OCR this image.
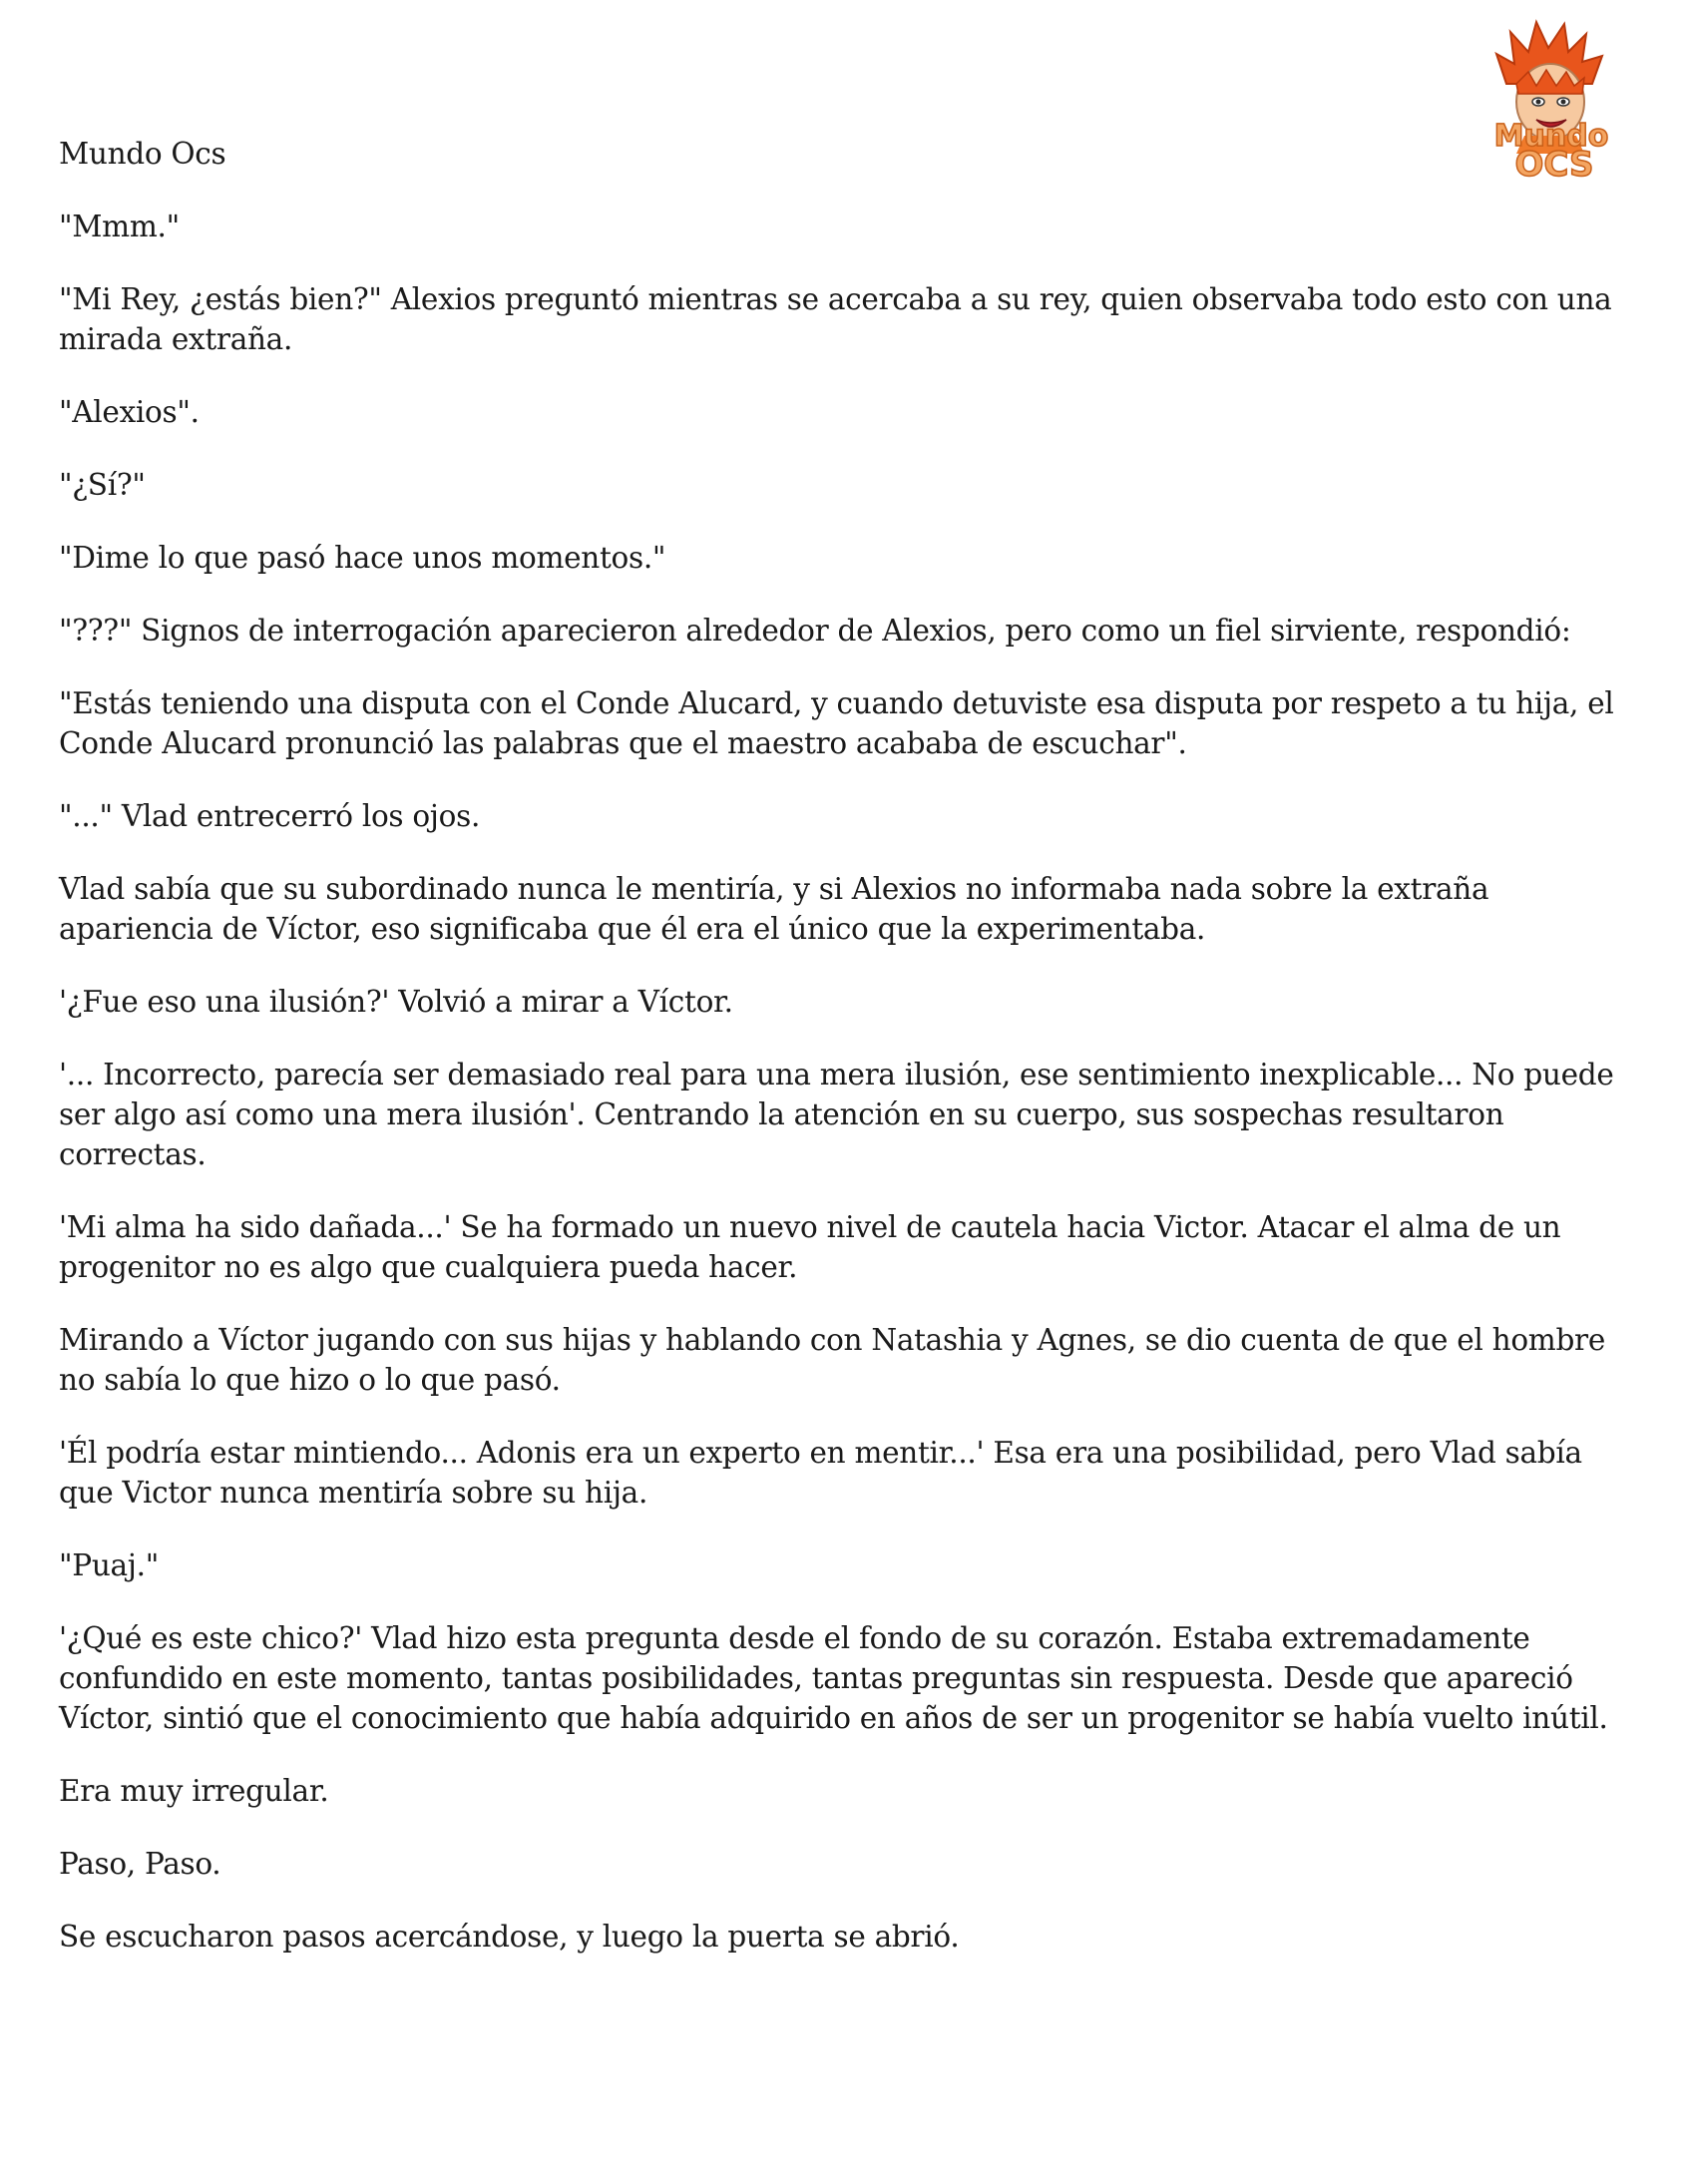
Mundo
OCS

Mundo Ocs

"Mmm."

"Mi Rey, ¿estás bien?" Alexios preguntó mientras se acercaba a su rey, quien observaba todo esto con una mirada extraña.

"Alexios".

"¿Sí?"

"Dime lo que pasó hace unos momentos."

"???" Signos de interrogación aparecieron alrededor de Alexios, pero como un fiel sirviente, respondió:

"Estás teniendo una disputa con el Conde Alucard, y cuando detuviste esa disputa por respeto a tu hija, el Conde Alucard pronunció las palabras que el maestro acababa de escuchar".

"..." Vlad entrecerró los ojos.

Vlad sabía que su subordinado nunca le mentiría, y si Alexios no informaba nada sobre la extraña apariencia de Víctor, eso significaba que él era el único que la experimentaba.

'¿Fue eso una ilusión?' Volvió a mirar a Víctor.

'... Incorrecto, parecía ser demasiado real para una mera ilusión, ese sentimiento inexplicable... No puede ser algo así como una mera ilusión'. Centrando la atención en su cuerpo, sus sospechas resultaron correctas.

'Mi alma ha sido dañada...' Se ha formado un nuevo nivel de cautela hacia Victor. Atacar el alma de un progenitor no es algo que cualquiera pueda hacer.

Mirando a Víctor jugando con sus hijas y hablando con Natashia y Agnes, se dio cuenta de que el hombre no sabía lo que hizo o lo que pasó.

'Él podría estar mintiendo... Adonis era un experto en mentir...' Esa era una posibilidad, pero Vlad sabía que Victor nunca mentiría sobre su hija.

"Puaj."

'¿Qué es este chico?' Vlad hizo esta pregunta desde el fondo de su corazón. Estaba extremadamente confundido en este momento, tantas posibilidades, tantas preguntas sin respuesta. Desde que apareció Víctor, sintió que el conocimiento que había adquirido en años de ser un progenitor se había vuelto inútil.

Era muy irregular.

Paso, Paso.

Se escucharon pasos acercándose, y luego la puerta se abrió.
